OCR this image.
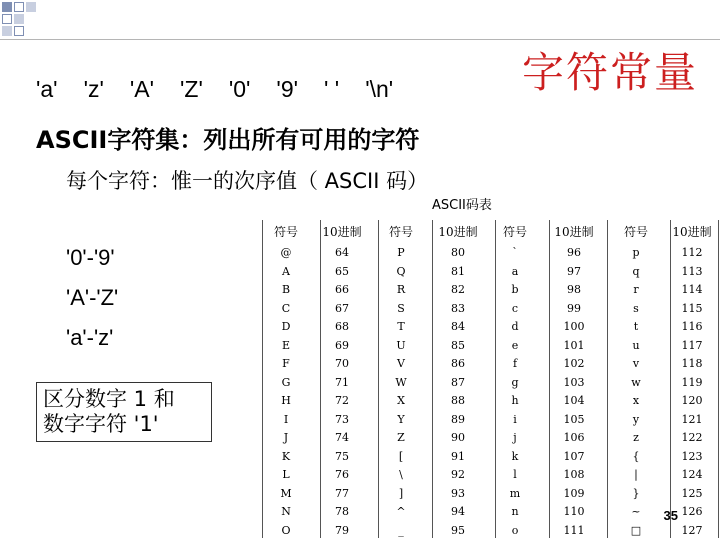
字符常量
'a' 'z' 'A' 'Z' '0' '9' ' ' '\n'
ASCII字符集：列出所有可用的字符
每个字符：惟一的次序值（ ASCII 码）
ASCII码表
'0'-'9'
'A'-'Z'
'a'-'z'
区分数字 1 和
数字字符 '1'
符号	10进制	符号	10进制	符号	10进制	符号	10进制
@	64	P	80	`	96	p	112
A	65	Q	81	a	97	q	113
B	66	R	82	b	98	r	114
C	67	S	83	c	99	s	115
D	68	T	84	d	100	t	116
E	69	U	85	e	101	u	117
F	70	V	86	f	102	v	118
G	71	W	87	g	103	w	119
H	72	X	88	h	104	x	120
I	73	Y	89	i	105	y	121
J	74	Z	90	j	106	z	122
K	75	[	91	k	107	{	123
L	76	\	92	l	108	|	124
M	77	]	93	m	109	}	125
N	78	^	94	n	110	~	126
O	79	_	95	o	111	□	127
35
